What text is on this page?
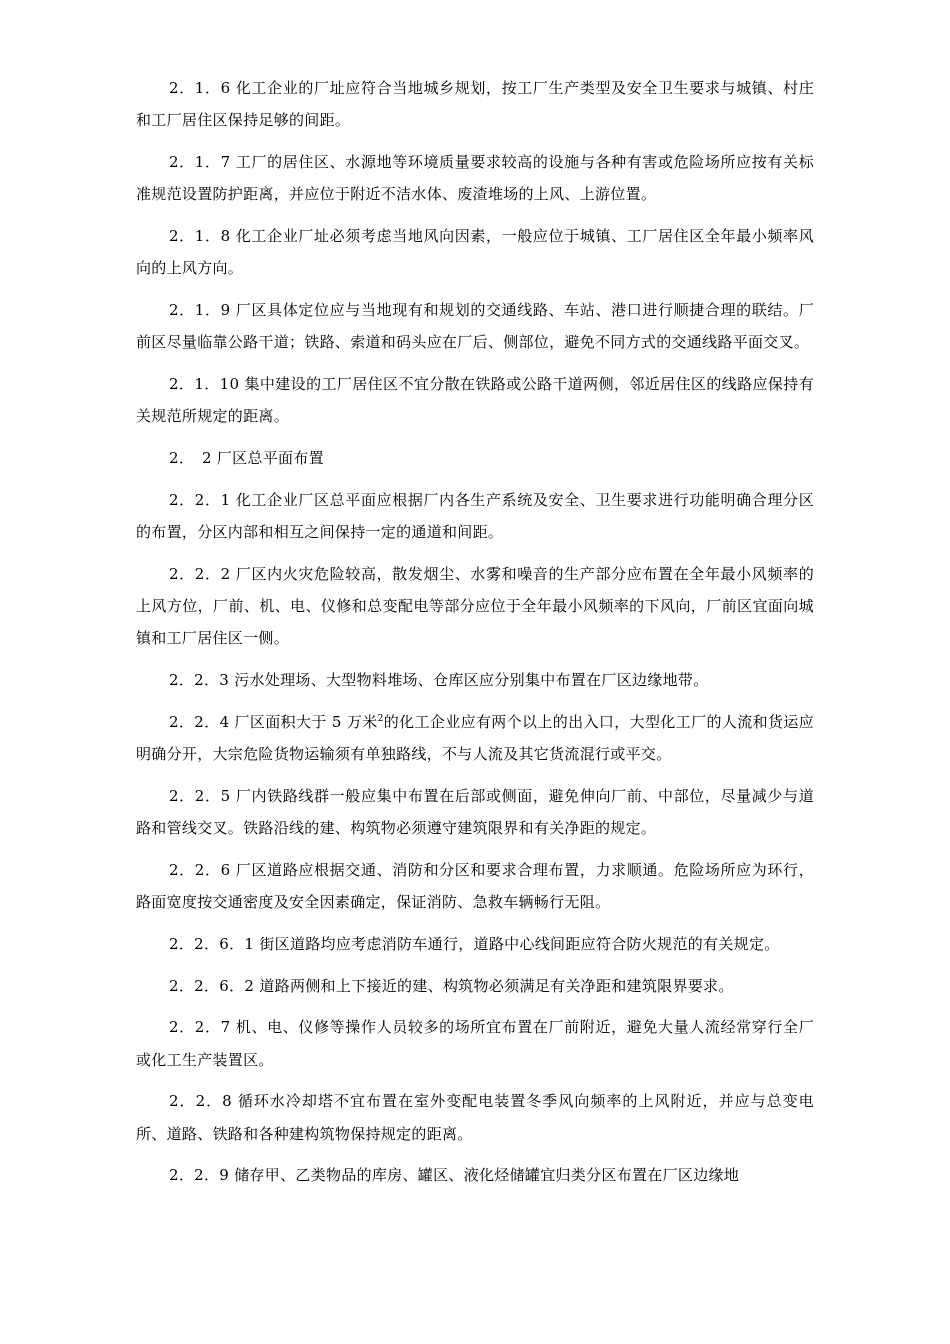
2．1．6 化工企业的厂址应符合当地城乡规划，按工厂生产类型及安全卫生要求与城镇、村庄和工厂居住区保持足够的间距。

2．1．7 工厂的居住区、水源地等环境质量要求较高的设施与各种有害或危险场所应按有关标准规范设置防护距离，并应位于附近不洁水体、废渣堆场的上风、上游位置。

2．1．8 化工企业厂址必须考虑当地风向因素，一般应位于城镇、工厂居住区全年最小频率风向的上风方向。

2．1．9 厂区具体定位应与当地现有和规划的交通线路、车站、港口进行顺捷合理的联结。厂前区尽量临靠公路干道；铁路、索道和码头应在厂后、侧部位，避免不同方式的交通线路平面交叉。

2．1．10 集中建设的工厂居住区不宜分散在铁路或公路干道两侧，邻近居住区的线路应保持有关规范所规定的距离。

2．　2 厂区总平面布置

2．2．1 化工企业厂区总平面应根据厂内各生产系统及安全、卫生要求进行功能明确合理分区的布置，分区内部和相互之间保持一定的通道和间距。

2．2．2 厂区内火灾危险较高，散发烟尘、水雾和噪音的生产部分应布置在全年最小风频率的上风方位，厂前、机、电、仪修和总变配电等部分应位于全年最小风频率的下风向，厂前区宜面向城镇和工厂居住区一侧。

2．2．3 污水处理场、大型物料堆场、仓库区应分别集中布置在厂区边缘地带。

2．2．4 厂区面积大于 5 万米$^2$的化工企业应有两个以上的出入口，大型化工厂的人流和货运应明确分开，大宗危险货物运输须有单独路线，不与人流及其它货流混行或平交。

2．2．5 厂内铁路线群一般应集中布置在后部或侧面，避免伸向厂前、中部位，尽量减少与道路和管线交叉。铁路沿线的建、构筑物必须遵守建筑限界和有关净距的规定。

2．2．6 厂区道路应根据交通、消防和分区和要求合理布置，力求顺通。危险场所应为环行，路面宽度按交通密度及安全因素确定，保证消防、急救车辆畅行无阻。

2．2．6．1 街区道路均应考虑消防车通行，道路中心线间距应符合防火规范的有关规定。

2．2．6．2 道路两侧和上下接近的建、构筑物必须满足有关净距和建筑限界要求。

2．2．7 机、电、仪修等操作人员较多的场所宜布置在厂前附近，避免大量人流经常穿行全厂或化工生产装置区。

2．2．8 循环水冷却塔不宜布置在室外变配电装置冬季风向频率的上风附近，并应与总变电所、道路、铁路和各种建构筑物保持规定的距离。

2．2．9 储存甲、乙类物品的库房、罐区、液化烃储罐宜归类分区布置在厂区边缘地
